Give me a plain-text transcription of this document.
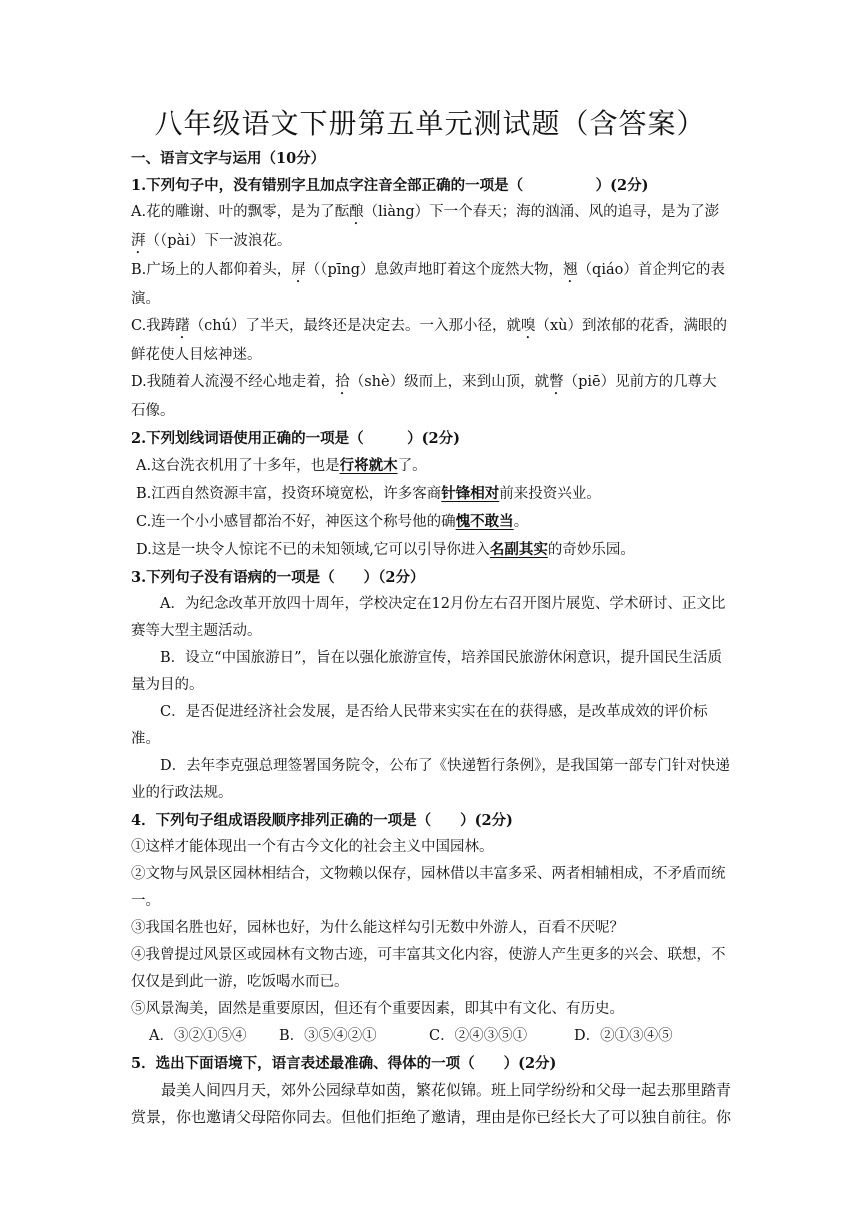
八年级语文下册第五单元测试题（含答案）

一、语言文字与运用（10分）

1.下列句子中，没有错别字且加点字注音全部正确的一项是（　　　　　）(2分)

A.花的雕谢、叶的飘零，是为了酝酿（liàng）下一个春天；海的汹涌、风的追寻，是为了澎湃（（pài）下一波浪花。

B.广场上的人都仰着头，屏（（pīng）息敛声地盯着这个庞然大物，翘（qiáo）首企判它的表演。

C.我踌躇（chú）了半天，最终还是决定去。一入那小径，就嗅（xù）到浓郁的花香，满眼的鲜花使人目炫神迷。

D.我随着人流漫不经心地走着，拾（shè）级而上，来到山顶，就瞥（piē）见前方的几尊大石像。

2.下列划线词语使用正确的一项是（　　　）(2分)

A.这台洗衣机用了十多年，也是行将就木了。

B.江西自然资源丰富，投资环境宽松，许多客商针锋相对前来投资兴业。

C.连一个小小感冒都治不好，神医这个称号他的确愧不敢当。

D.这是一块令人惊诧不已的未知领域,它可以引导你进入名副其实的奇妙乐园。

3.下列句子没有语病的一项是（　　）（2分）

A．为纪念改革开放四十周年，学校决定在12月份左右召开图片展览、学术研讨、正文比赛等大型主题活动。

B．设立“中国旅游日”，旨在以强化旅游宣传，培养国民旅游休闲意识，提升国民生活质量为目的。

C．是否促进经济社会发展，是否给人民带来实实在在的获得感，是改革成效的评价标准。

D．去年李克强总理签署国务院令，公布了《快递暂行条例》，是我国第一部专门针对快递业的行政法规。

4．下列句子组成语段顺序排列正确的一项是（　　）(2分)

①这样才能体现出一个有古今文化的社会主义中国园林。

②文物与风景区园林相结合，文物赖以保存，园林借以丰富多采、两者相辅相成，不矛盾而统一。

③我国名胜也好，园林也好，为什么能这样勾引无数中外游人，百看不厌呢？

④我曾提过风景区或园林有文物古迹，可丰富其文化内容，使游人产生更多的兴会、联想，不仅仅是到此一游，吃饭喝水而已。

⑤风景淘美，固然是重要原因，但还有个重要因素，即其中有文化、有历史。

A．③②①⑤④ B．③⑤④②①	C．②④③⑤①	D．②①③④⑤

5．选出下面语境下，语言表述最准确、得体的一项（　　）(2分)

最美人间四月天，郊外公园绿草如茵，繁花似锦。班上同学纷纷和父母一起去那里踏青赏景，你也邀请父母陪你同去。但他们拒绝了邀请，理由是你已经长大了可以独自前往。你
